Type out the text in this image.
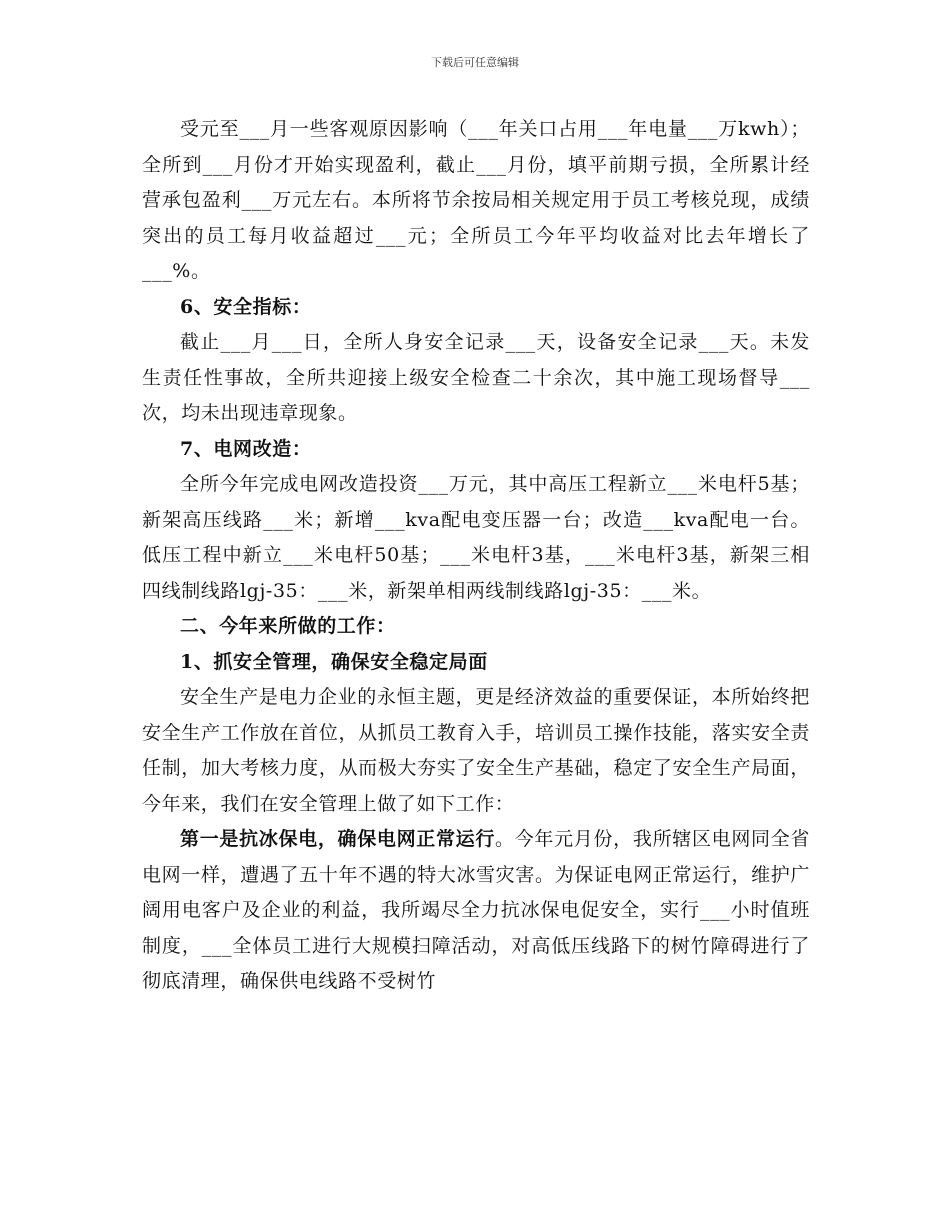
下载后可任意编辑

受元至___月一些客观原因影响（___年关口占用___年电量___万kwh）；全所到___月份才开始实现盈利，截止___月份，填平前期亏损，全所累计经营承包盈利___万元左右。本所将节余按局相关规定用于员工考核兑现，成绩突出的员工每月收益超过___元；全所员工今年平均收益对比去年增长了___%。

6、安全指标：

截止___月___日，全所人身安全记录___天，设备安全记录___天。未发生责任性事故，全所共迎接上级安全检查二十余次，其中施工现场督导___次，均未出现违章现象。

7、电网改造：

全所今年完成电网改造投资___万元，其中高压工程新立___米电杆5基；新架高压线路___米；新增___kva配电变压器一台；改造___kva配电一台。低压工程中新立___米电杆50基；___米电杆3基，___米电杆3基，新架三相四线制线路lgj-35：___米，新架单相两线制线路lgj-35：___米。

二、今年来所做的工作：

1、抓安全管理，确保安全稳定局面

安全生产是电力企业的永恒主题，更是经济效益的重要保证，本所始终把安全生产工作放在首位，从抓员工教育入手，培训员工操作技能，落实安全责任制，加大考核力度，从而极大夯实了安全生产基础，稳定了安全生产局面，今年来，我们在安全管理上做了如下工作：

第一是抗冰保电，确保电网正常运行。今年元月份，我所辖区电网同全省电网一样，遭遇了五十年不遇的特大冰雪灾害。为保证电网正常运行，维护广阔用电客户及企业的利益，我所竭尽全力抗冰保电促安全，实行___小时值班制度，___全体员工进行大规模扫障活动，对高低压线路下的树竹障碍进行了彻底清理，确保供电线路不受树竹
